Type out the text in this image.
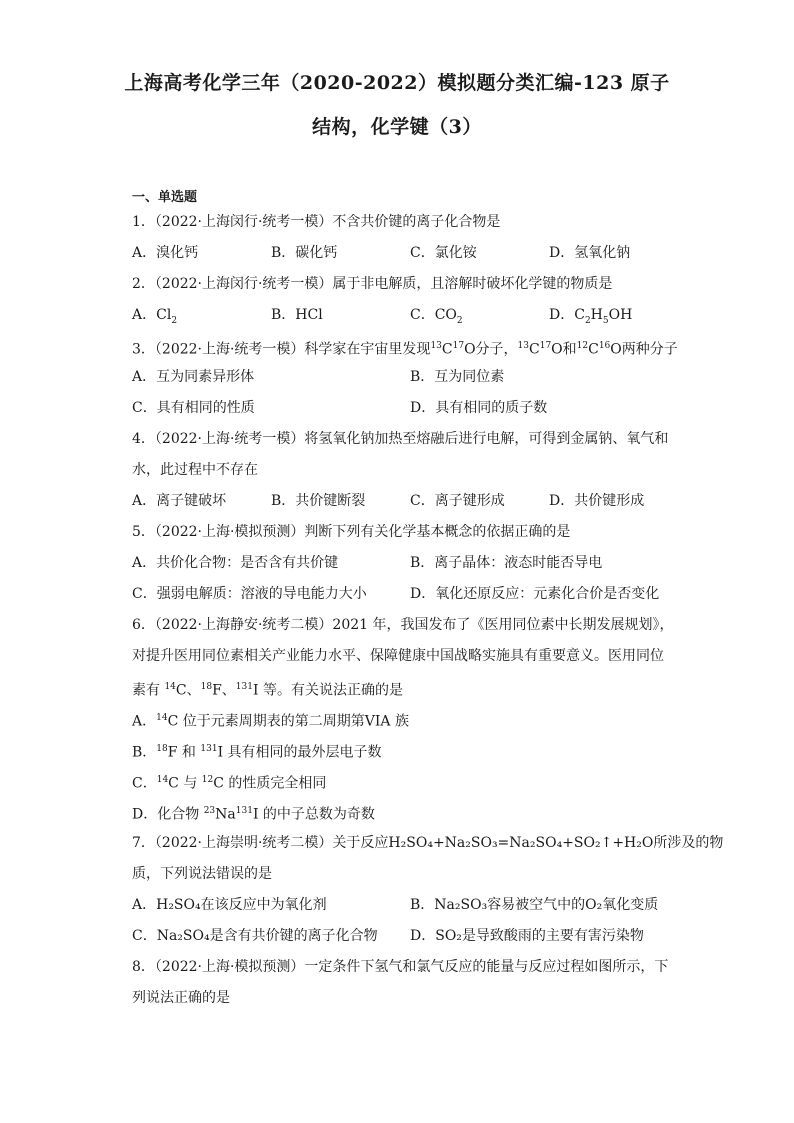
上海高考化学三年（2020-2022）模拟题分类汇编-123 原子
结构，化学键（3）
一、单选题
1．（2022·上海闵行·统考一模）不含共价键的离子化合物是
A．溴化钙	B．碳化钙	C．氯化铵	D．氢氧化钠
2．（2022·上海闵行·统考一模）属于非电解质，且溶解时破坏化学键的物质是
A．$Cl_2$	B．HCl	C．$CO_2$	D．$C_2H_5OH$
3．（2022·上海·统考一模）科学家在宇宙里发现$^{13}C^{17}O$分子，$^{13}C^{17}O$和$^{12}C^{16}O$两种分子
A．互为同素异形体	B．互为同位素
C．具有相同的性质	D．具有相同的质子数
4．（2022·上海·统考一模）将氢氧化钠加热至熔融后进行电解，可得到金属钠、氧气和
水，此过程中不存在
A．离子键破坏	B．共价键断裂	C．离子键形成	D．共价键形成
5．（2022·上海·模拟预测）判断下列有关化学基本概念的依据正确的是
A．共价化合物：是否含有共价键	B．离子晶体：液态时能否导电
C．强弱电解质：溶液的导电能力大小	D．氧化还原反应：元素化合价是否变化
6．（2022·上海静安·统考二模）2021 年，我国发布了《医用同位素中长期发展规划》，
对提升医用同位素相关产业能力水平、保障健康中国战略实施具有重要意义。医用同位
素有 $^{14}$C、$^{18}$F、$^{131}$I 等。有关说法正确的是
A．$^{14}$C 位于元素周期表的第二周期第VIA 族
B．$^{18}$F 和 $^{131}$I 具有相同的最外层电子数
C．$^{14}$C 与 $^{12}$C 的性质完全相同
D．化合物 $^{23}$Na$^{131}$I 的中子总数为奇数
7．（2022·上海崇明·统考二模）关于反应H₂SO₄+Na₂SO₃=Na₂SO₄+SO₂↑+H₂O所涉及的物
质，下列说法错误的是
A．H₂SO₄在该反应中为氧化剂	B．Na₂SO₃容易被空气中的O₂氧化变质
C．Na₂SO₄是含有共价键的离子化合物 D．SO₂是导致酸雨的主要有害污染物
8．（2022·上海·模拟预测）一定条件下氢气和氯气反应的能量与反应过程如图所示，下
列说法正确的是
